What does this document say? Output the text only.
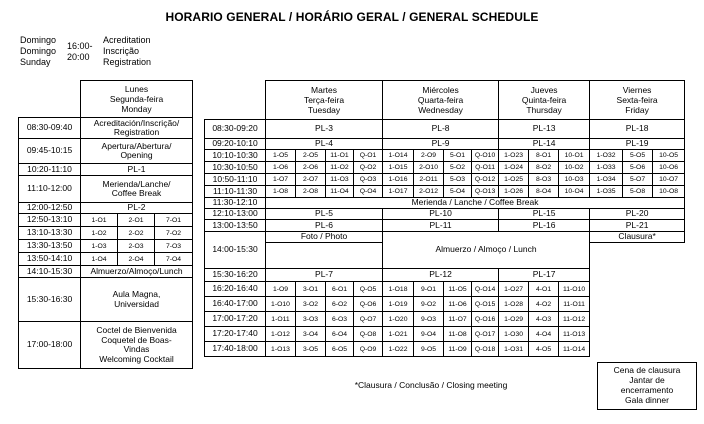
HORARIO GENERAL / HORÁRIO GERAL / GENERAL SCHEDULE
Domingo
Domingo
Sunday
16:00-
20:00
Acreditation
Inscrição
Registration

	Lunes
Segunda-feira
Monday		

08:30-09:40	Acreditación/Inscrição/
Registration		

09:45-10:15	Apertura/Abertura/
Opening		

10:20-11:10	PL-1		
11:10-12:00	Merienda/Lanche/
Coffee Break		

12:00-12:50	PL-2		
12:50-13:10	1-O1	2-O1	7-O1
13:10-13:30	1-O2	2-O2	7-O2
13:30-13:50	1-O3	2-O3	7-O3
13:50-14:10	1-O4	2-O4	7-O4
14:10-15:30	Almuerzo/Almoço/Lunch		
15:30-16:30	Aula Magna,
Universidad		

17:00-18:00	Coctel de Bienvenida
Coquetel de Boas-
Vindas
Welcoming Cocktail		

	Martes
Terça-feira
Tuesday				Miércoles
Quarta-feira
Wednesday				Jueves
Quinta-feira
Thursday			Viernes
Sexta-feira
Friday		

08:30-09:20	PL-3				PL-8				PL-13			PL-18		
09:20-10:10	PL-4				PL-9				PL-14			PL-19		
10:10-10:30	1-O5	2-O5	11-O1	Q-O1	1-O14	2-O9	5-O1	Q-O10	1-O23	8-O1	10-O1	1-O32	5-O5	10-O5
10:30-10:50	1-O6	2-O6	11-O2	Q-O2	1-O15	2-O10	5-O2	Q-O11	1-O24	8-O2	10-O2	1-O33	5-O6	10-O6
10:50-11:10	1-O7	2-O7	11-O3	Q-O3	1-O16	2-O11	5-O3	Q-O12	1-O25	8-O3	10-O3	1-O34	5-O7	10-O7
11:10-11:30	1-O8	2-O8	11-O4	Q-O4	1-O17	2-O12	5-O4	Q-O13	1-O26	8-O4	10-O4	1-O35	5-O8	10-O8
11:30-12:10	Merienda / Lanche / Coffee Break													
12:10-13:00	PL-5				PL-10				PL-15			PL-20		
13:00-13:50	PL-6				PL-11				PL-16			PL-21		
14:00-15:30	Foto / Photo				Almuerzo / Almoço / Lunch							Clausura*		

15:30-16:20	PL-7				PL-12				PL-17					
16:20-16:40	1-O9	3-O1	6-O1	Q-O5	1-O18	9-O1	11-O5	Q-O14	1-O27	4-O1	11-O10			
16:40-17:00	1-O10	3-O2	6-O2	Q-O6	1-O19	9-O2	11-O6	Q-O15	1-O28	4-O2	11-O11			
17:00-17:20	1-O11	3-O3	6-O3	Q-O7	1-O20	9-O3	11-O7	Q-O16	1-O29	4-O3	11-O12			
17:20-17:40	1-O12	3-O4	6-O4	Q-O8	1-O21	9-O4	11-O8	Q-O17	1-O30	4-O4	11-O13			
17:40-18:00	1-O13	3-O5	6-O5	Q-O9	1-O22	9-O5	11-O9	Q-O18	1-O31	4-O5	11-O14			
*Clausura / Conclusão / Closing meeting
Cena de clausura
Jantar de
encerramento
Gala dinner
